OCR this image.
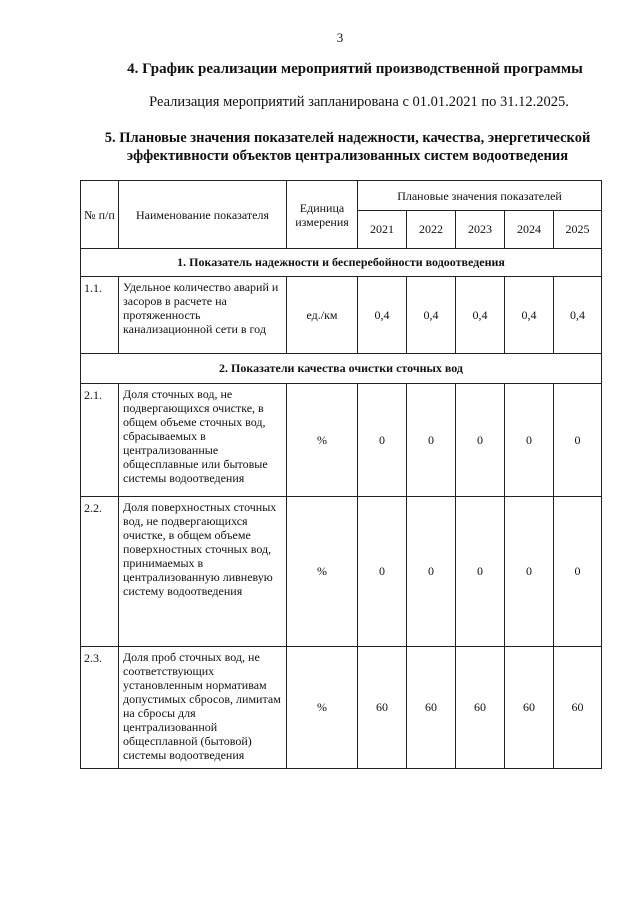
3
4. График реализации мероприятий производственной программы
Реализация мероприятий запланирована с 01.01.2021 по 31.12.2025.
5. Плановые значения показателей надежности, качества, энергетической
эффективности объектов централизованных систем водоотведения
№ п/п	Наименование показателя	Единица измерения	Плановые значения показателей				
			2021	2022	2023	2024	2025
1. Показатель надежности и бесперебойности водоотведения							
1.1.	Удельное количество аварий и засоров в расчете на протяженность канализационной сети в год	ед./км	0,4	0,4	0,4	0,4	0,4
2. Показатели качества очистки сточных вод							
2.1.	Доля сточных вод, не подвергающихся очистке, в общем объеме сточных вод, сбрасываемых в централизованные общесплавные или бытовые системы водоотведения	%	0	0	0	0	0
2.2.	Доля поверхностных сточных вод, не подвергающихся очистке, в общем объеме поверхностных сточных вод, принимаемых в централизованную ливневую систему водоотведения	%	0	0	0	0	0
2.3.	Доля проб сточных вод, не соответствующих установленным нормативам допустимых сбросов, лимитам на сбросы для централизованной общесплавной (бытовой) системы водоотведения	%	60	60	60	60	60
